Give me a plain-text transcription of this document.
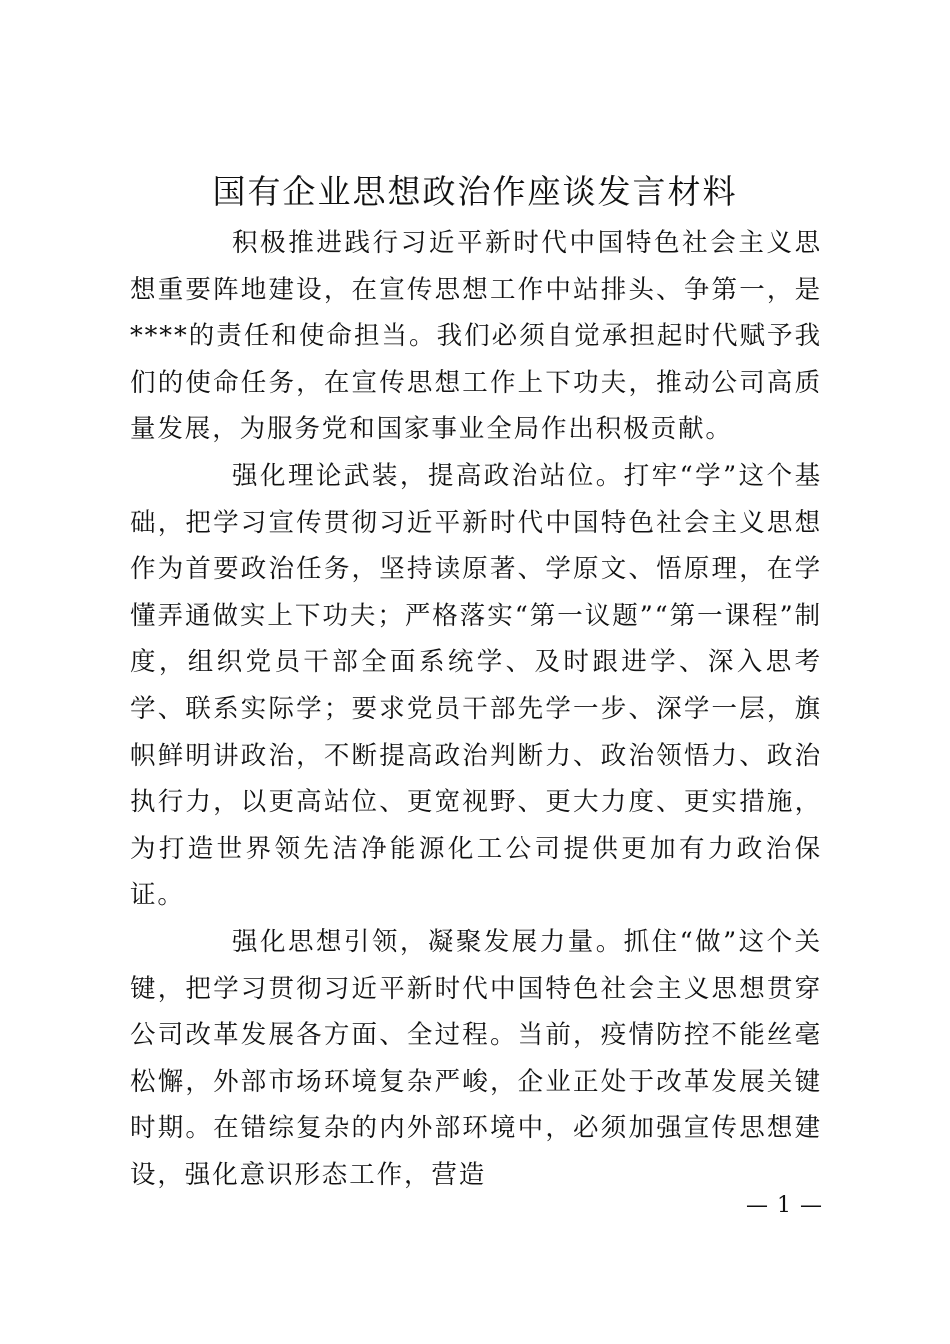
国有企业思想政治作座谈发言材料

积极推进践行习近平新时代中国特色社会主义思想重要阵地建设，在宣传思想工作中站排头、争第一，是****的责任和使命担当。我们必须自觉承担起时代赋予我们的使命任务，在宣传思想工作上下功夫，推动公司高质量发展，为服务党和国家事业全局作出积极贡献。

强化理论武装，提高政治站位。打牢“学”这个基础，把学习宣传贯彻习近平新时代中国特色社会主义思想作为首要政治任务，坚持读原著、学原文、悟原理，在学懂弄通做实上下功夫；严格落实“第一议题”“第一课程”制度，组织党员干部全面系统学、及时跟进学、深入思考学、联系实际学；要求党员干部先学一步、深学一层，旗帜鲜明讲政治，不断提高政治判断力、政治领悟力、政治执行力，以更高站位、更宽视野、更大力度、更实措施，为打造世界领先洁净能源化工公司提供更加有力政治保证。

强化思想引领，凝聚发展力量。抓住“做”这个关键，把学习贯彻习近平新时代中国特色社会主义思想贯穿公司改革发展各方面、全过程。当前，疫情防控不能丝毫松懈，外部市场环境复杂严峻，企业正处于改革发展关键时期。在错综复杂的内外部环境中，必须加强宣传思想建设，强化意识形态工作，营造

— 1 —
